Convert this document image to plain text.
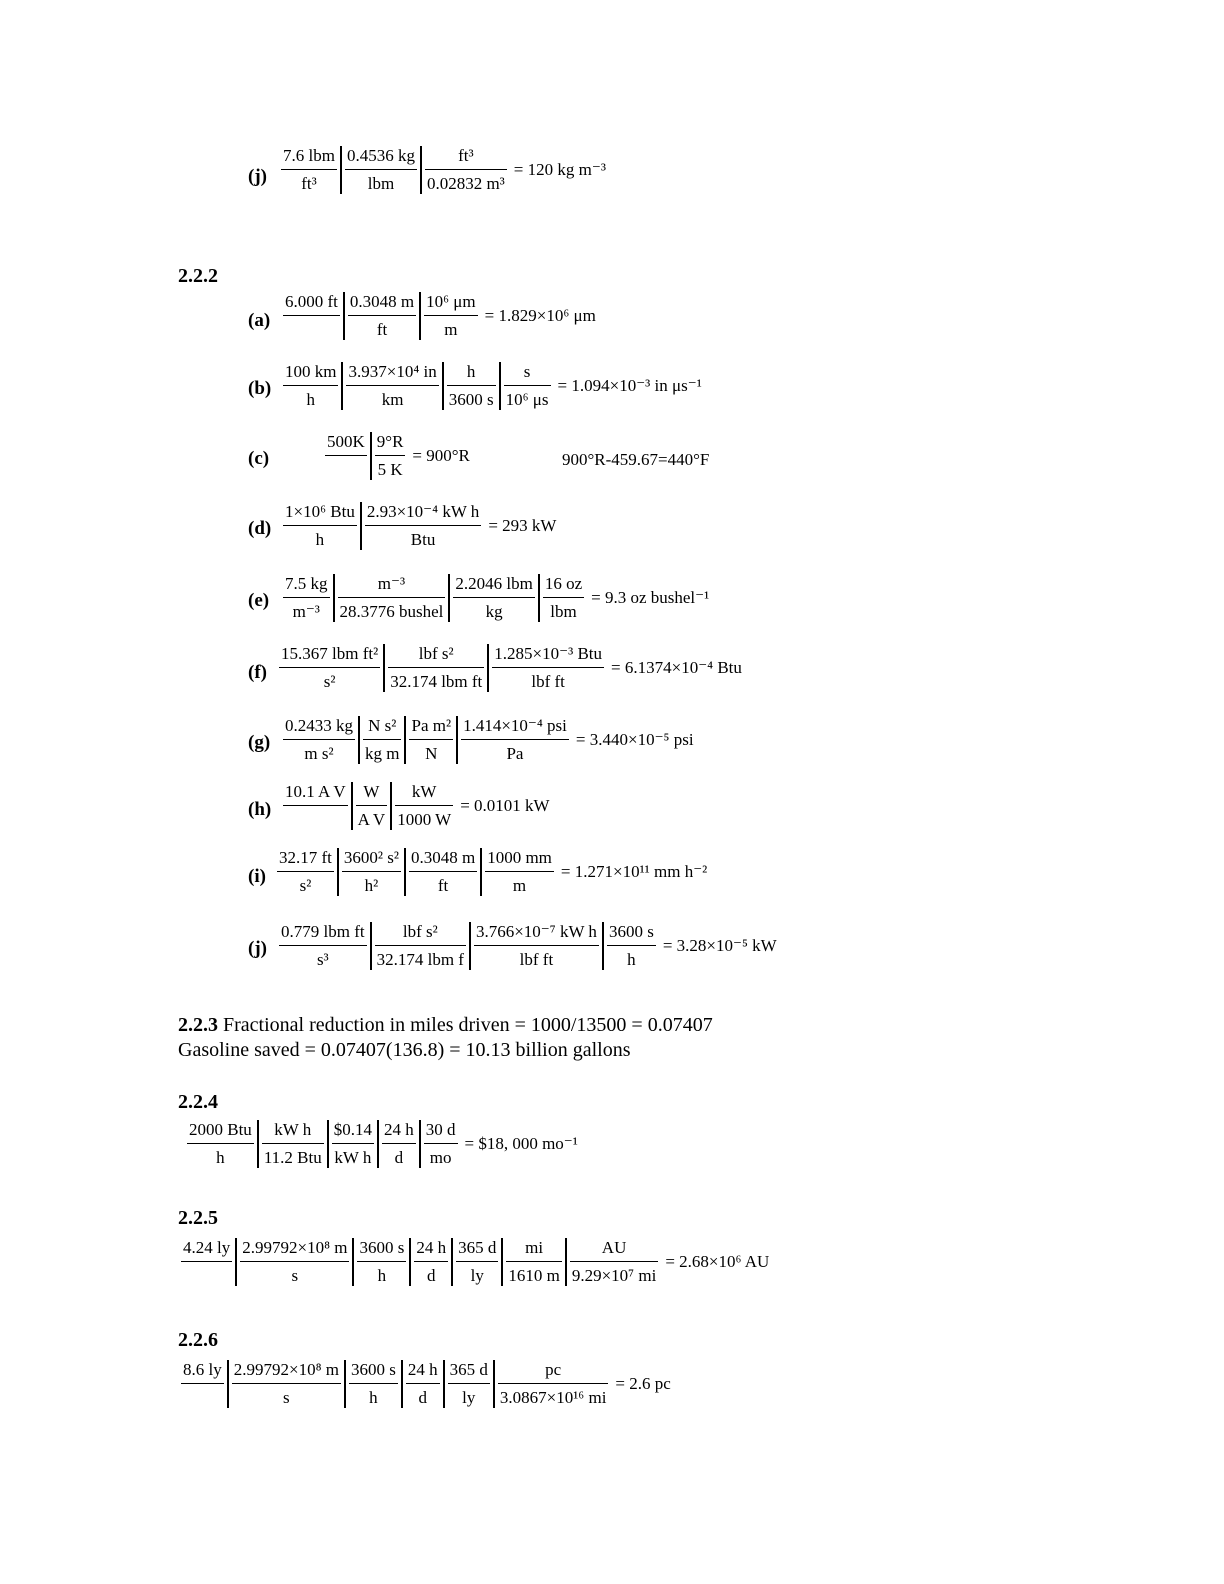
$(j) \frac{\text{7.6 lbm}}{\text{ft³}} \frac{0.4536 kg}{\text{lbm}} \frac{\text{ft³}}{\text{0.02832 m³}} = 120$ kg m⁻³
2.2.2
(a)
6.000 ft
$\frac{0.3048 m}{ft} \frac{\text{10⁶ μm}}{m} = 1.829\times 10^6$ μm
$(b) \frac{100 km}{h} \frac{\text{3.937×10⁴ in}}{km} \frac{h}{3600 s} \frac{s}{\text{10⁶ μs}} = 1.094\times 10^{-3}$ in μs⁻¹
(c)
500K
$\frac{9^\circ R}{5 K} = 900^\circ R$	900°R-459.67=440°F
$(d) \frac{\text{1×10⁶ Btu}}{h} \frac{\text{2.93×10⁻⁴ kW h}}{\text{Btu}} = 293$ kW
$(e) \frac{7.5 kg}{\text{m⁻³}} \frac{\text{m⁻³}}{\text{28.3776 bushel}} \frac{\text{2.2046 lbm}}{kg} \frac{16 oz}{\text{lbm}} = 9.3$ oz bushel⁻¹
$(f) \frac{\text{15.367 lbm ft²}}{\text{s²}} \frac{\text{lbf s²}}{\text{32.174 lbm ft}} \frac{\text{1.285×10⁻³ Btu}}{\text{lbf ft}} = 6.1374\times 10^{-4}$ Btu
$(g) \frac{0.2433 kg}{\text{m s²}} \frac{\text{N s²}}{\text{kg m}} \frac{\text{Pa m²}}{N} \frac{\text{1.414×10⁻⁴ psi}}{Pa} = 3.440\times 10^{-5}$ psi
(h)
10.1 A V
$\frac{W}{\text{A V}} \frac{kW}{1000 W} = 0.0101$ kW
$(i) \frac{32.17 ft}{\text{s²}} \frac{\text{3600² s²}}{\text{h²}} \frac{0.3048 m}{ft} \frac{1000 mm}{m} = 1.271\times 10^{11}$ mm h⁻²
$(j) \frac{\text{0.779 lbm ft}}{\text{s³}} \frac{\text{lbf s²}}{\text{32.174 lbm f}} \frac{\text{3.766×10⁻⁷ kW h}}{\text{lbf ft}} \frac{3600 s}{h} = 3.28\times 10^{-5}$ kW
2.2.3 Fractional reduction in miles driven = 1000/13500 = 0.07407
Gasoline saved = 0.07407(136.8) = 10.13 billion gallons
2.2.4
$\frac{\text{2000 Btu}}{h} \frac{\text{kW h}}{\text{11.2 Btu}} \frac{\$0.14}{\text{kW h}} \frac{24 h}{d} \frac{30 d}{mo}$ = $18, 000 mo⁻¹
2.2.5
4.24 ly
$\frac{\text{2.99792×10⁸ m}}{s} \frac{3600 s}{h} \frac{24 h}{d} \frac{365 d}{ly} \frac{mi}{1610 m} \frac{AU}{\text{9.29×10⁷ mi}} = 2.68\times 10^6$ AU
2.2.6
8.6 ly
$\frac{\text{2.99792×10⁸ m}}{s} \frac{3600 s}{h} \frac{24 h}{d} \frac{365 d}{ly} \frac{pc}{\text{3.0867×10¹⁶ mi}} = 2.6$ pc
